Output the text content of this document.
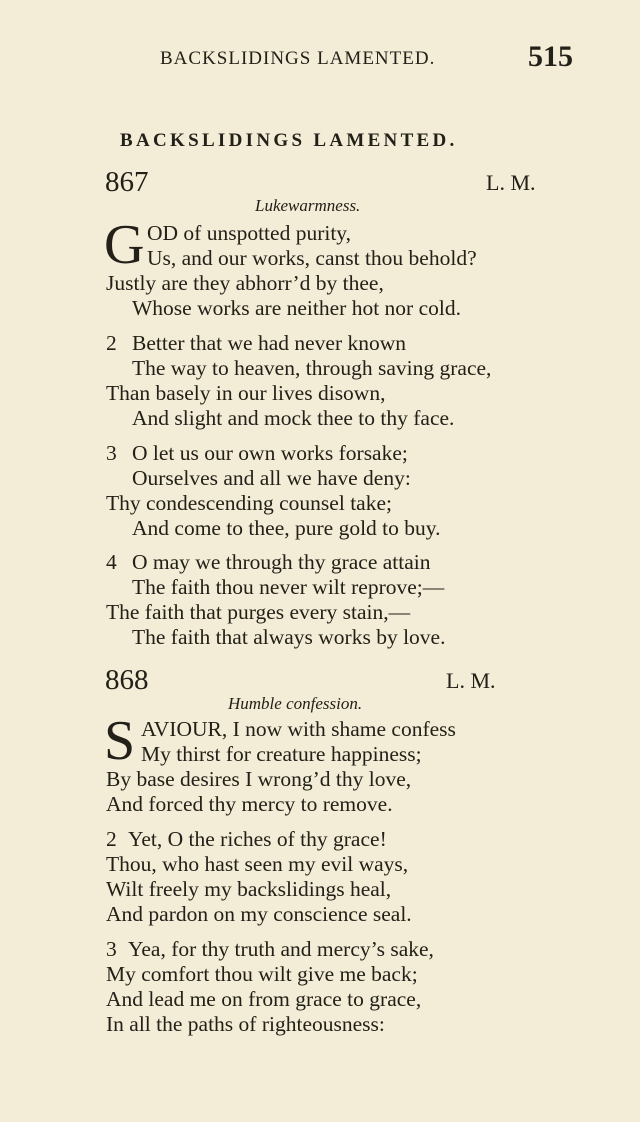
BACKSLIDINGS LAMENTED.	515
BACKSLIDINGS LAMENTED.
867	L. M.
Lukewarmness.
G OD of unspotted purity,
Us, and our works, canst thou behold?
Justly are they abhorr’d by thee,
Whose works are neither hot nor cold.
2 Better that we had never known
The way to heaven, through saving grace,
Than basely in our lives disown,
And slight and mock thee to thy face.
3 O let us our own works forsake;
Ourselves and all we have deny:
Thy condescending counsel take;
And come to thee, pure gold to buy.
4 O may we through thy grace attain
The faith thou never wilt reprove;—
The faith that purges every stain,—
The faith that always works by love.
868	L. M.
Humble confession.
S AVIOUR, I now with shame confess
My thirst for creature happiness;
By base desires I wrong’d thy love,
And forced thy mercy to remove.
2 Yet, O the riches of thy grace!
Thou, who hast seen my evil ways,
Wilt freely my backslidings heal,
And pardon on my conscience seal.
3 Yea, for thy truth and mercy’s sake,
My comfort thou wilt give me back;
And lead me on from grace to grace,
In all the paths of righteousness:
